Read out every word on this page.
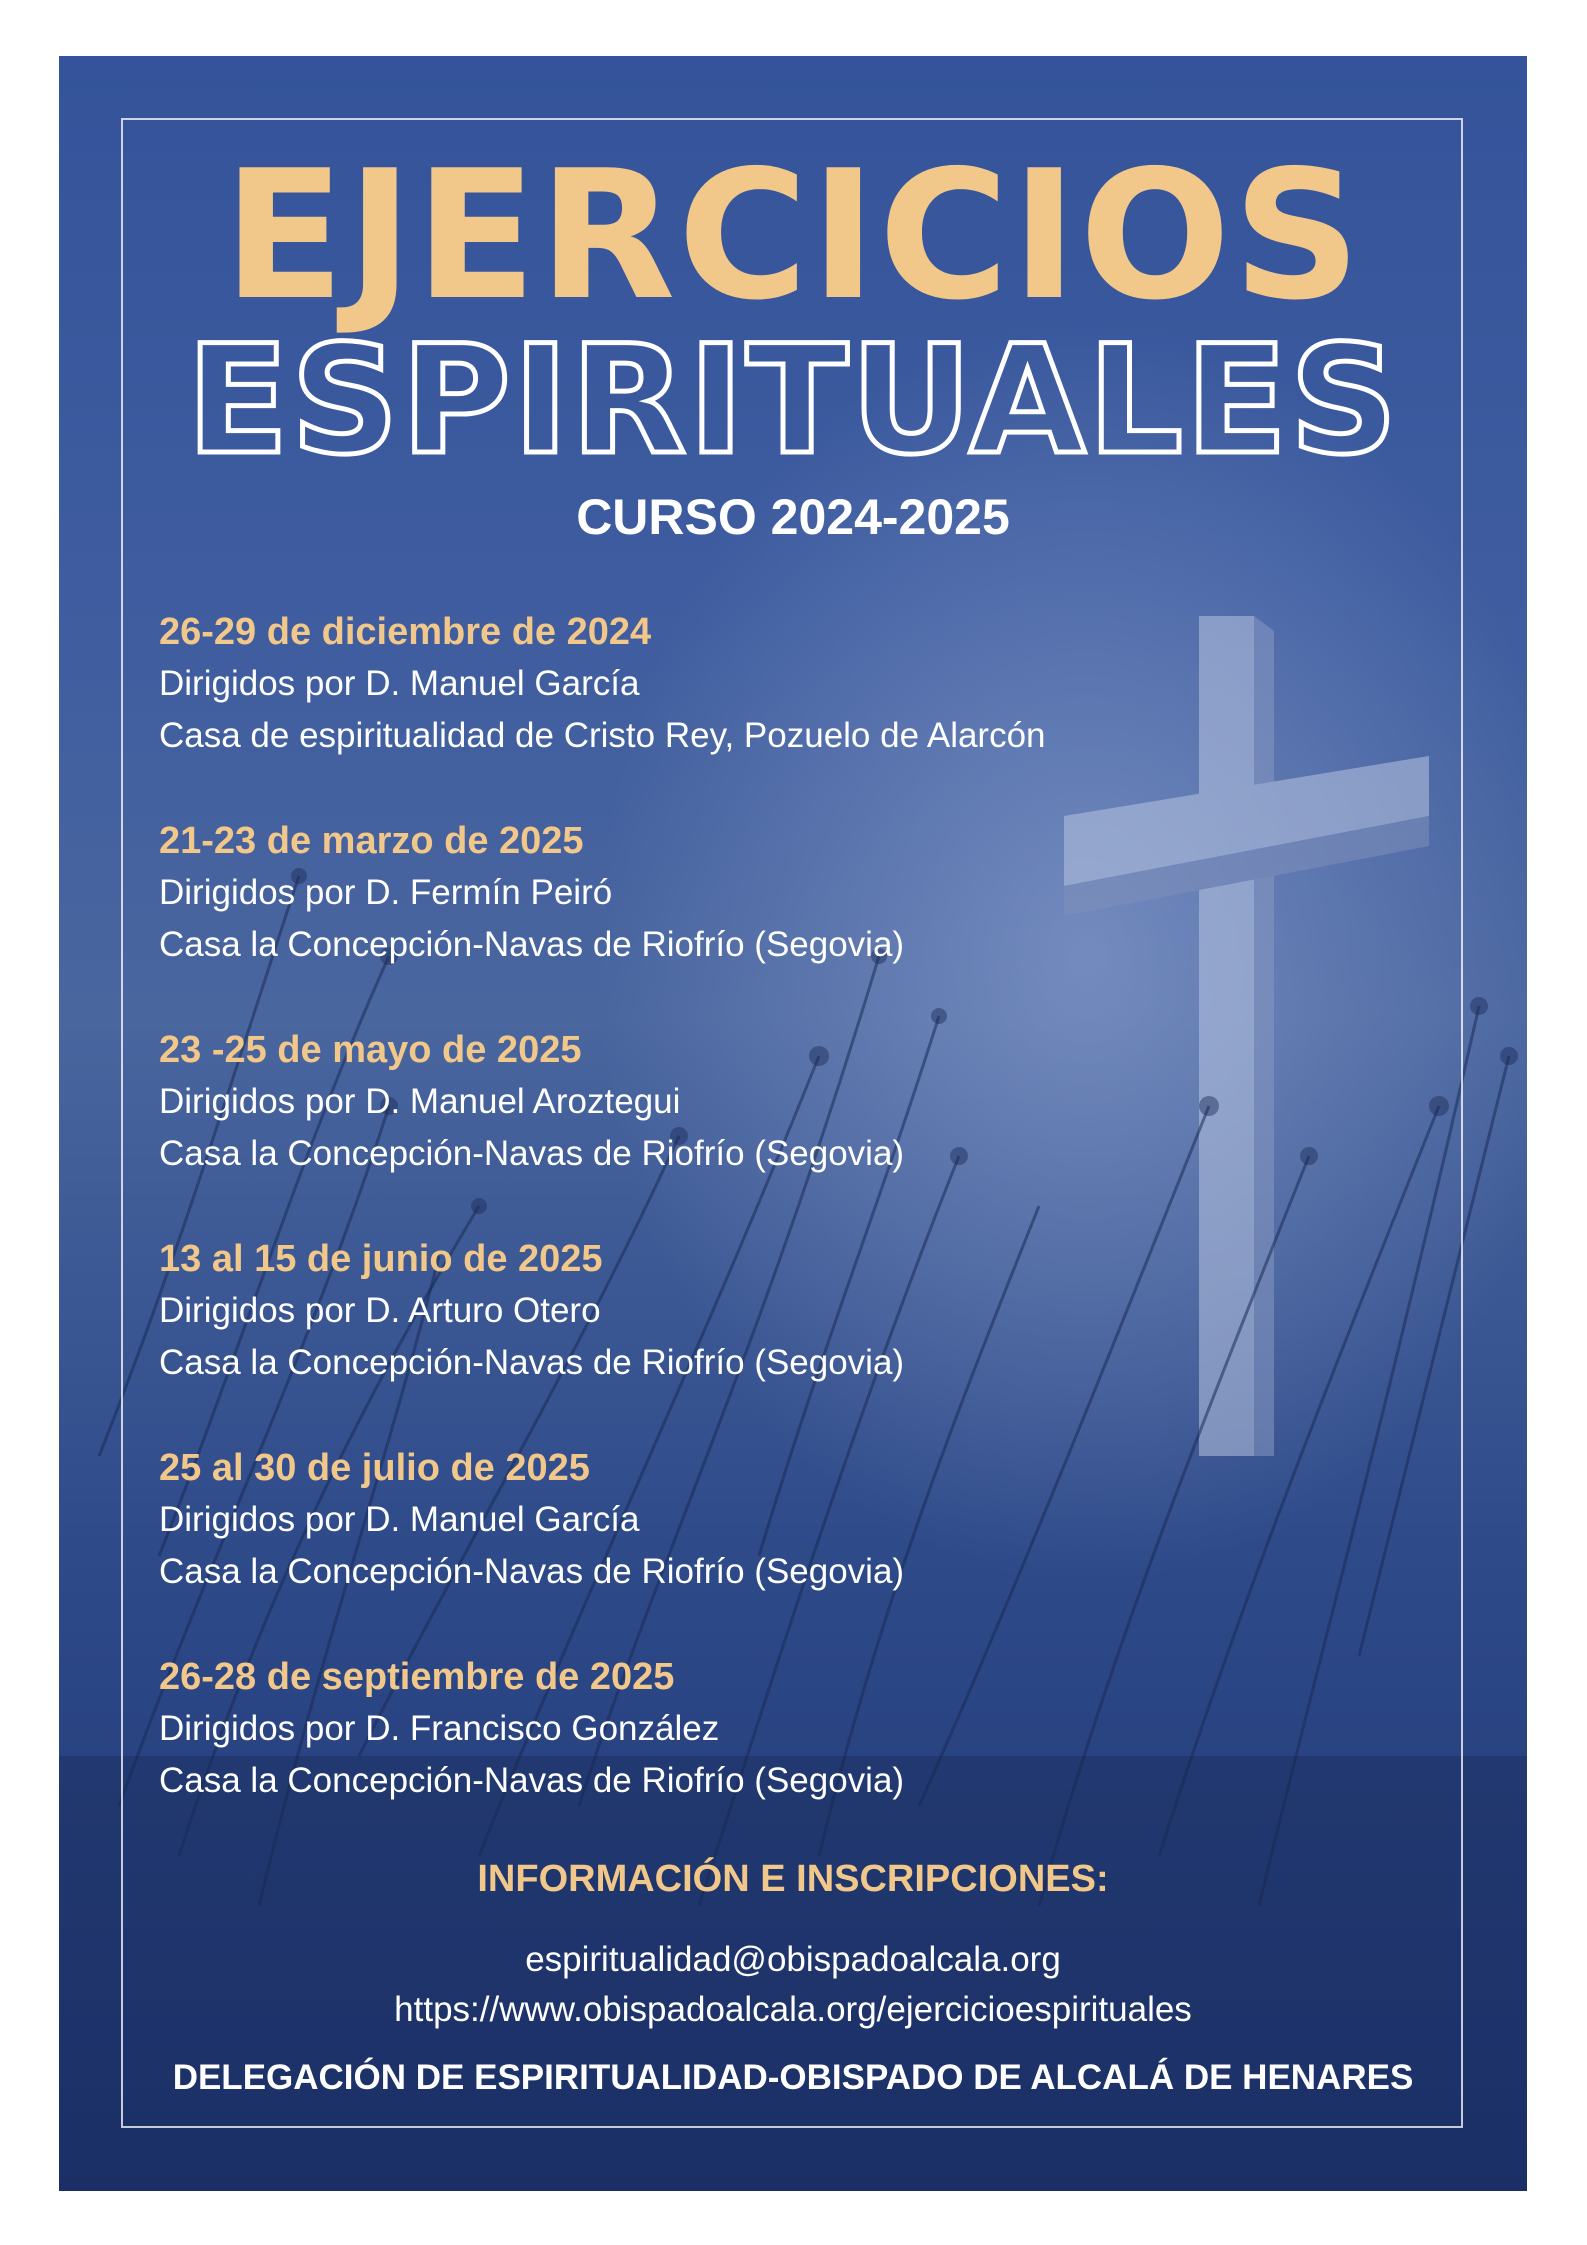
EJERCICIOS
ESPIRITUALES
CURSO 2024-2025
26-29 de diciembre de 2024
Dirigidos por D. Manuel García
Casa de espiritualidad de Cristo Rey, Pozuelo de Alarcón
21-23 de marzo de 2025
Dirigidos por D. Fermín Peiró
Casa la Concepción-Navas de Riofrío (Segovia)
23 -25 de mayo de 2025
Dirigidos por D. Manuel Aroztegui
Casa la Concepción-Navas de Riofrío (Segovia)
13 al 15 de junio de 2025
Dirigidos por D. Arturo Otero
Casa la Concepción-Navas de Riofrío (Segovia)
25 al 30 de julio de 2025
Dirigidos por D. Manuel García
Casa la Concepción-Navas de Riofrío (Segovia)
26-28 de septiembre de 2025
Dirigidos por D. Francisco González
Casa la Concepción-Navas de Riofrío (Segovia)
INFORMACIÓN E INSCRIPCIONES:
espiritualidad@obispadoalcala.org
https://www.obispadoalcala.org/ejercicioespirituales
DELEGACIÓN DE ESPIRITUALIDAD-OBISPADO DE ALCALÁ DE HENARES
